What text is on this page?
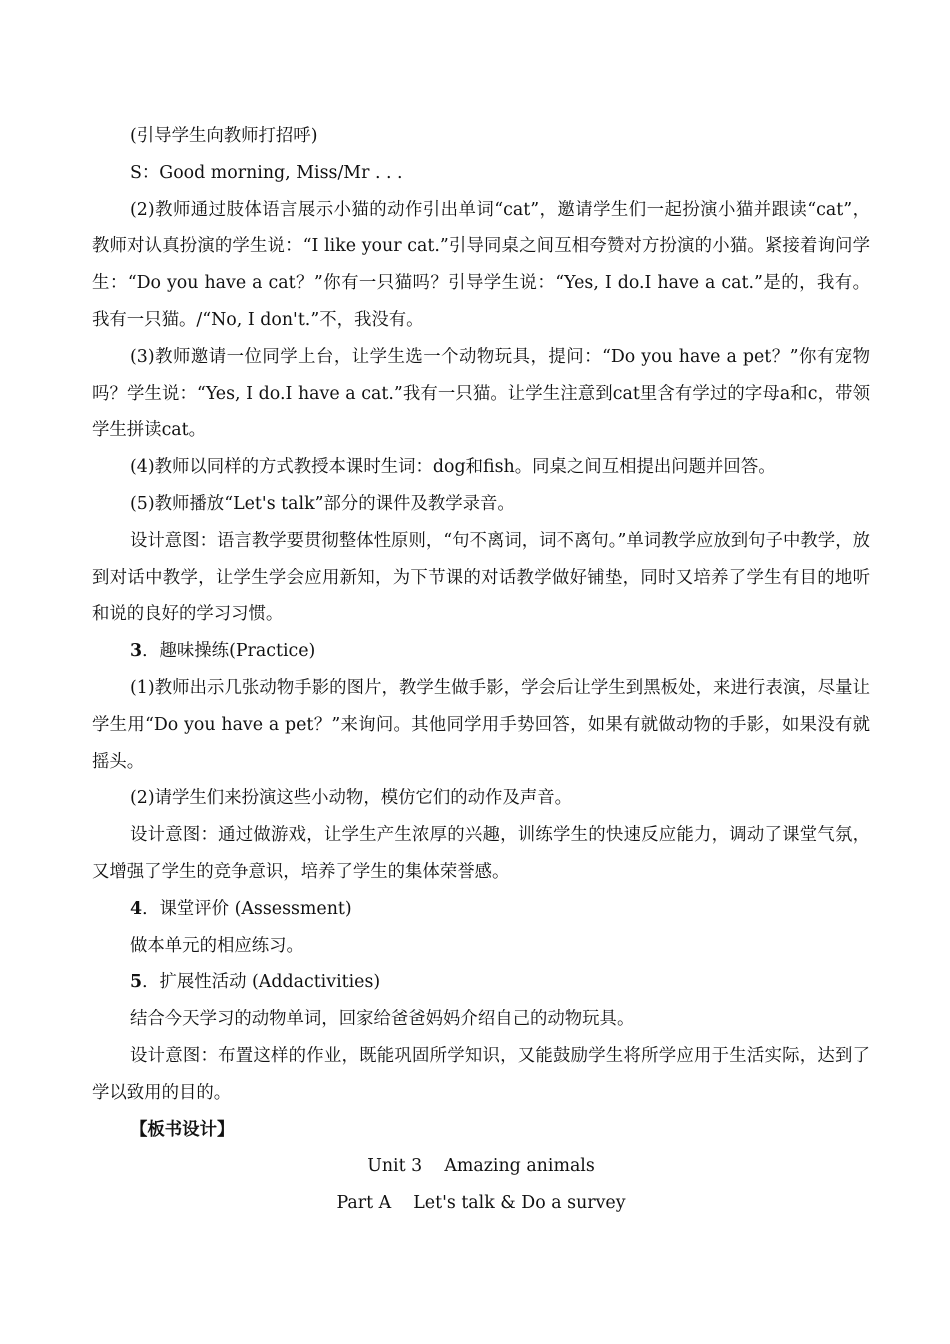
(引导学生向教师打招呼)

S：Good morning, Miss/Mr . . .

(2)教师通过肢体语言展示小猫的动作引出单词“cat”，邀请学生们一起扮演小猫并跟读“cat”，教师对认真扮演的学生说：“I like your cat.”引导同桌之间互相夸赞对方扮演的小猫。紧接着询问学生：“Do you have a cat？”你有一只猫吗？引导学生说：“Yes, I do.I have a cat.”是的，我有。我有一只猫。/“No, I don't.”不，我没有。

(3)教师邀请一位同学上台，让学生选一个动物玩具，提问：“Do you have a pet？”你有宠物吗？学生说：“Yes, I do.I have a cat.”我有一只猫。让学生注意到cat里含有学过的字母a和c，带领学生拼读cat。

(4)教师以同样的方式教授本课时生词：dog和fish。同桌之间互相提出问题并回答。

(5)教师播放“Let's talk”部分的课件及教学录音。

设计意图：语言教学要贯彻整体性原则，“句不离词，词不离句。”单词教学应放到句子中教学，放到对话中教学，让学生学会应用新知，为下节课的对话教学做好铺垫，同时又培养了学生有目的地听和说的良好的学习习惯。

3．趣味操练(Practice)

(1)教师出示几张动物手影的图片，教学生做手影，学会后让学生到黑板处，来进行表演，尽量让学生用“Do you have a pet？”来询问。其他同学用手势回答，如果有就做动物的手影，如果没有就摇头。

(2)请学生们来扮演这些小动物，模仿它们的动作及声音。

设计意图：通过做游戏，让学生产生浓厚的兴趣，训练学生的快速反应能力，调动了课堂气氛，又增强了学生的竞争意识，培养了学生的集体荣誉感。

4．课堂评价 (Assessment)

做本单元的相应练习。

5．扩展性活动 (Addactivities)

结合今天学习的动物单词，回家给爸爸妈妈介绍自己的动物玩具。

设计意图：布置这样的作业，既能巩固所学知识，又能鼓励学生将所学应用于生活实际，达到了学以致用的目的。

【板书设计】

Unit 3    Amazing animals

Part A    Let's talk & Do a survey
